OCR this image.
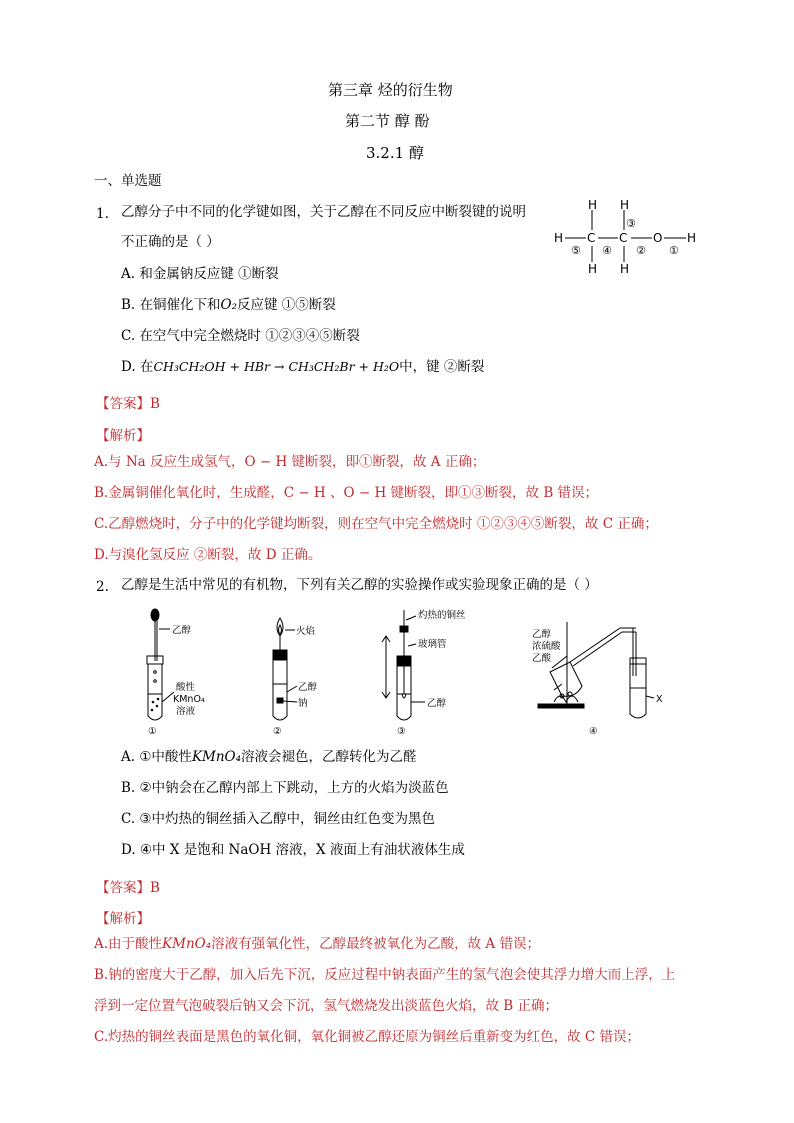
第三章 烃的衍生物
第二节 醇 酚
3.2.1 醇
一、单选题
1. 乙醇分子中不同的化学键如图，关于乙醇在不同反应中断裂键的说明
不正确的是（ ）
A. 和金属钠反应键 ①断裂
B. 在铜催化下和O₂反应键 ①⑤断裂
C. 在空气中完全燃烧时 ①②③④⑤断裂
D. 在CH₃CH₂OH + HBr → CH₃CH₂Br + H₂O中，键 ②断裂
H C C O H
H H
H H
③
⑤ ④ ② ①
【答案】B
【解析】
A.与 Na 反应生成氢气，O − H 键断裂，即①断裂，故 A 正确；
B.金属铜催化氧化时，生成醛，C − H 、O − H 键断裂，即①③断裂，故 B 错误；
C.乙醇燃烧时，分子中的化学键均断裂，则在空气中完全燃烧时 ①②③④⑤断裂，故 C 正确；
D.与溴化氢反应 ②断裂，故 D 正确。
2. 乙醇是生活中常见的有机物，下列有关乙醇的实验操作或实验现象正确的是（ ）
乙醇
酸性
KMnO₄
溶液
火焰
乙醇
钠
灼热的铜丝
玻璃管
乙醇
乙醇
浓硫酸
乙酸
X
①	②	③	④
A. ①中酸性KMnO₄溶液会褪色，乙醇转化为乙醛
B. ②中钠会在乙醇内部上下跳动，上方的火焰为淡蓝色
C. ③中灼热的铜丝插入乙醇中，铜丝由红色变为黑色
D. ④中 X 是饱和 NaOH 溶液，X 液面上有油状液体生成
【答案】B
【解析】
A.由于酸性KMnO₄溶液有强氧化性，乙醇最终被氧化为乙酸，故 A 错误；
B.钠的密度大于乙醇，加入后先下沉，反应过程中钠表面产生的氢气泡会使其浮力增大而上浮，上
浮到一定位置气泡破裂后钠又会下沉，氢气燃烧发出淡蓝色火焰，故 B 正确；
C.灼热的铜丝表面是黑色的氧化铜，氧化铜被乙醇还原为铜丝后重新变为红色，故 C 错误；
